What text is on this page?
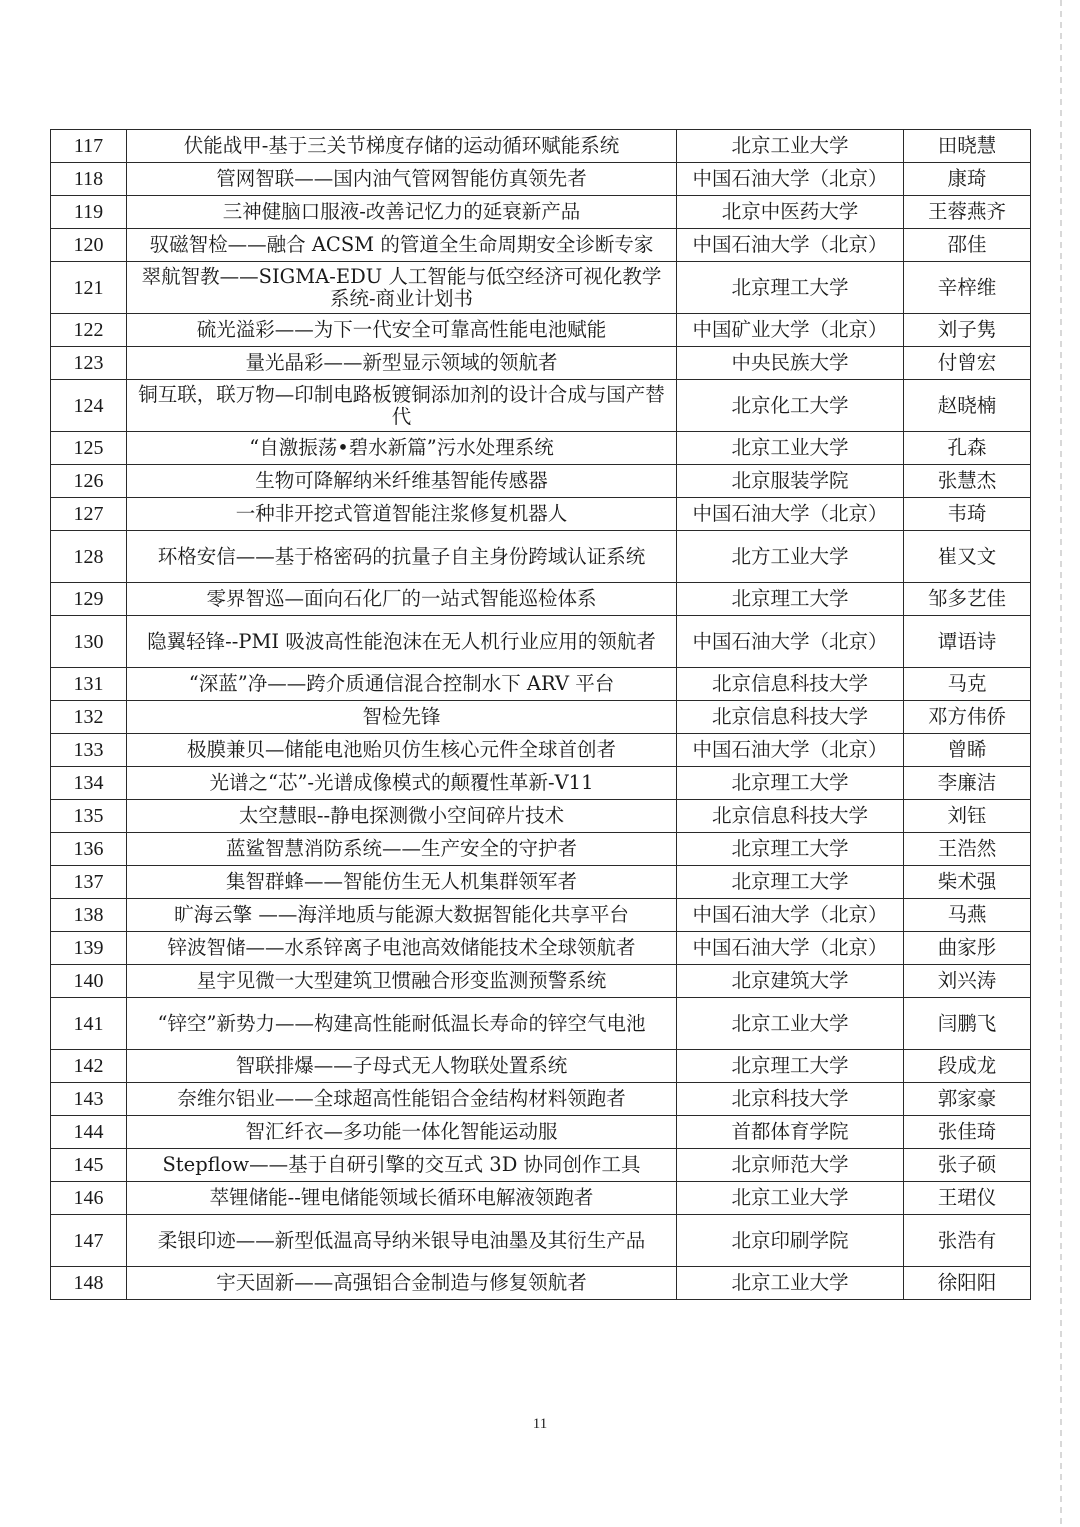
117	伏能战甲-基于三关节梯度存储的运动循环赋能系统	北京工业大学	田晓慧
118	管网智联——国内油气管网智能仿真领先者	中国石油大学（北京）	康琦
119	三神健脑口服液-改善记忆力的延衰新产品	北京中医药大学	王蓉燕齐
120	驭磁智检——融合 ACSM 的管道全生命周期安全诊断专家	中国石油大学（北京）	邵佳
121	翠航智教——SIGMA-EDU 人工智能与低空经济可视化教学系统-商业计划书	北京理工大学	辛梓维
122	硫光溢彩——为下一代安全可靠高性能电池赋能	中国矿业大学（北京）	刘子隽
123	量光晶彩——新型显示领域的领航者	中央民族大学	付曾宏
124	铜互联，联万物—印制电路板镀铜添加剂的设计合成与国产替代	北京化工大学	赵晓楠
125	“自激振荡•碧水新篇”污水处理系统	北京工业大学	孔森
126	生物可降解纳米纤维基智能传感器	北京服装学院	张慧杰
127	一种非开挖式管道智能注浆修复机器人	中国石油大学（北京）	韦琦
128	环格安信——基于格密码的抗量子自主身份跨域认证系统	北方工业大学	崔又文
129	零界智巡—面向石化厂的一站式智能巡检体系	北京理工大学	邹多艺佳
130	隐翼轻锋--PMI 吸波高性能泡沫在无人机行业应用的领航者	中国石油大学（北京）	谭语诗
131	“深蓝”净——跨介质通信混合控制水下 ARV 平台	北京信息科技大学	马克
132	智检先锋	北京信息科技大学	邓方伟侨
133	极膜兼贝—储能电池贻贝仿生核心元件全球首创者	中国石油大学（北京）	曾睎
134	光谱之“芯”-光谱成像模式的颠覆性革新-V11	北京理工大学	李廉洁
135	太空慧眼--静电探测微小空间碎片技术	北京信息科技大学	刘钰
136	蓝鲨智慧消防系统——生产安全的守护者	北京理工大学	王浩然
137	集智群蜂——智能仿生无人机集群领军者	北京理工大学	柴术强
138	旷海云擎 ——海洋地质与能源大数据智能化共享平台	中国石油大学（北京）	马燕
139	锌波智储——水系锌离子电池高效储能技术全球领航者	中国石油大学（北京）	曲家彤
140	星宇见微一大型建筑卫惯融合形变监测预警系统	北京建筑大学	刘兴涛
141	“锌空”新势力——构建高性能耐低温长寿命的锌空气电池	北京工业大学	闫鹏飞
142	智联排爆——子母式无人物联处置系统	北京理工大学	段成龙
143	奈维尔铝业——全球超高性能铝合金结构材料领跑者	北京科技大学	郭家豪
144	智汇纤衣—多功能一体化智能运动服	首都体育学院	张佳琦
145	Stepflow——基于自研引擎的交互式 3D 协同创作工具	北京师范大学	张子硕
146	萃锂储能--锂电储能领域长循环电解液领跑者	北京工业大学	王珺仪
147	柔银印迹——新型低温高导纳米银导电油墨及其衍生产品	北京印刷学院	张浩有
148	宇天固新——高强铝合金制造与修复领航者	北京工业大学	徐阳阳
11
